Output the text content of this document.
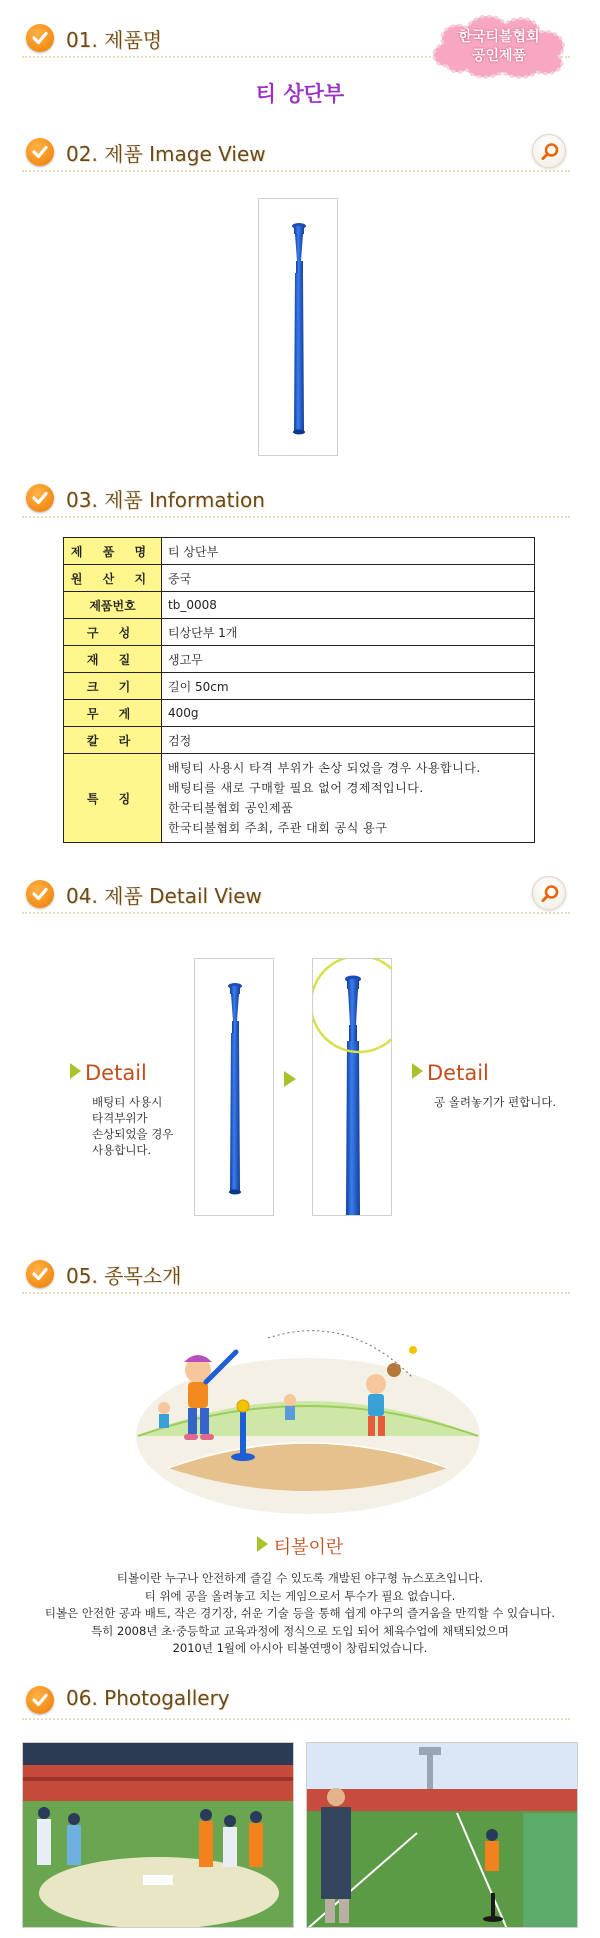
01. 제품명	한국티볼협회
공인제품
티 상단부
02. 제품 Image View
03. 제품 Information
제 품 명	티 상단부
원 산 지	중국
제품번호	tb_0008
구 성	티상단부 1개
재 질	생고무
크 기	길이 50cm
무 게	400g
칼 라	검정
특 징	배팅티 사용시 타격 부위가 손상 되었을 경우 사용합니다.
배팅티를 새로 구매할 필요 없어 경제적입니다.
한국티볼협회 공인제품
한국티볼협회 주최, 주관 대회 공식 용구
04. 제품 Detail View
Detail
배팅티 사용시
타격부위가
손상되었을 경우
사용합니다.
Detail
공 올려놓기가 편합니다.
05. 종목소개
티볼이란
티볼이란 누구나 안전하게 즐길 수 있도록 개발된 야구형 뉴스포츠입니다.
티 위에 공을 올려놓고 치는 게임으로서 투수가 필요 없습니다.
티볼은 안전한 공과 배트, 작은 경기장, 쉬운 기술 등을 통해 쉽게 야구의 즐거움을 만끽할 수 있습니다.
특히 2008년 초·중등학교 교육과정에 정식으로 도입 되어 체육수업에 채택되었으며
2010년 1월에 아시아 티볼연맹이 창립되었습니다.
06. Photogallery
